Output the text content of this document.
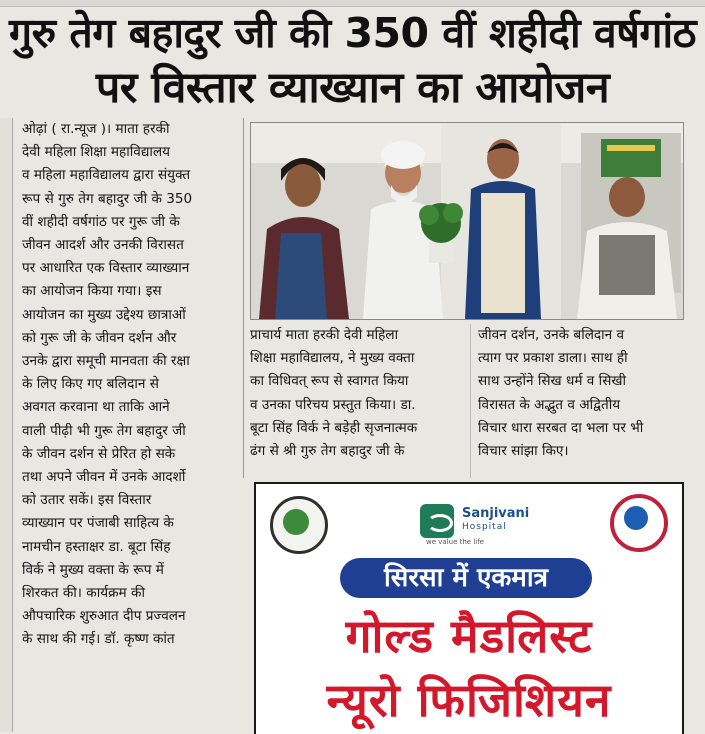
गुरु तेग बहादुर जी की 350 वीं शहीदी वर्षगांठ
पर विस्तार व्याख्यान का आयोजन
ओढ़ां ( रा.न्यूज )। माता हरकी
देवी महिला शिक्षा महाविद्यालय
व महिला महाविद्यालय द्वारा संयुक्त
रूप से गुरु तेग बहादुर जी के 350
वीं शहीदी वर्षगांठ पर गुरू जी के
जीवन आदर्श और उनकी विरासत
पर आधारित एक विस्तार व्याख्यान
का आयोजन किया गया। इस
आयोजन का मुख्य उद्देश्य छात्राओं
को गुरू जी के जीवन दर्शन और
उनके द्वारा समूची मानवता की रक्षा
के लिए किए गए बलिदान से
अवगत करवाना था ताकि आने
वाली पीढ़ी भी गुरू तेग बहादुर जी
के जीवन दर्शन से प्रेरित हो सके
तथा अपने जीवन में उनके आदर्शो
को उतार सकें। इस विस्तार
व्याख्यान पर पंजाबी साहित्य के
नामचीन हस्ताक्षर डा. बूटा सिंह
विर्क ने मुख्य वक्ता के रूप में
शिरकत की। कार्यक्रम की
औपचारिक शुरुआत दीप प्रज्वलन
के साथ की गई। डॉ. कृष्ण कांत
प्राचार्य माता हरकी देवी महिला
शिक्षा महाविद्यालय, ने मुख्य वक्ता
का विधिवत् रूप से स्वागत किया
व उनका परिचय प्रस्तुत किया। डा.
बूटा सिंह विर्क ने बड़ेही सृजनात्मक
ढंग से श्री गुरु तेग बहादुर जी के
जीवन दर्शन, उनके बलिदान व
त्याग पर प्रकाश डाला। साथ ही
साथ उन्होंने सिख धर्म व सिखी
विरासत के अद्भुत व अद्वितीय
विचार धारा सरबत दा भला पर भी
विचार सांझा किए।
Sanjivani
Hospital
we value the life
सिरसा में एकमात्र
गोल्ड मैडलिस्ट
न्यूरो फिजिशियन
